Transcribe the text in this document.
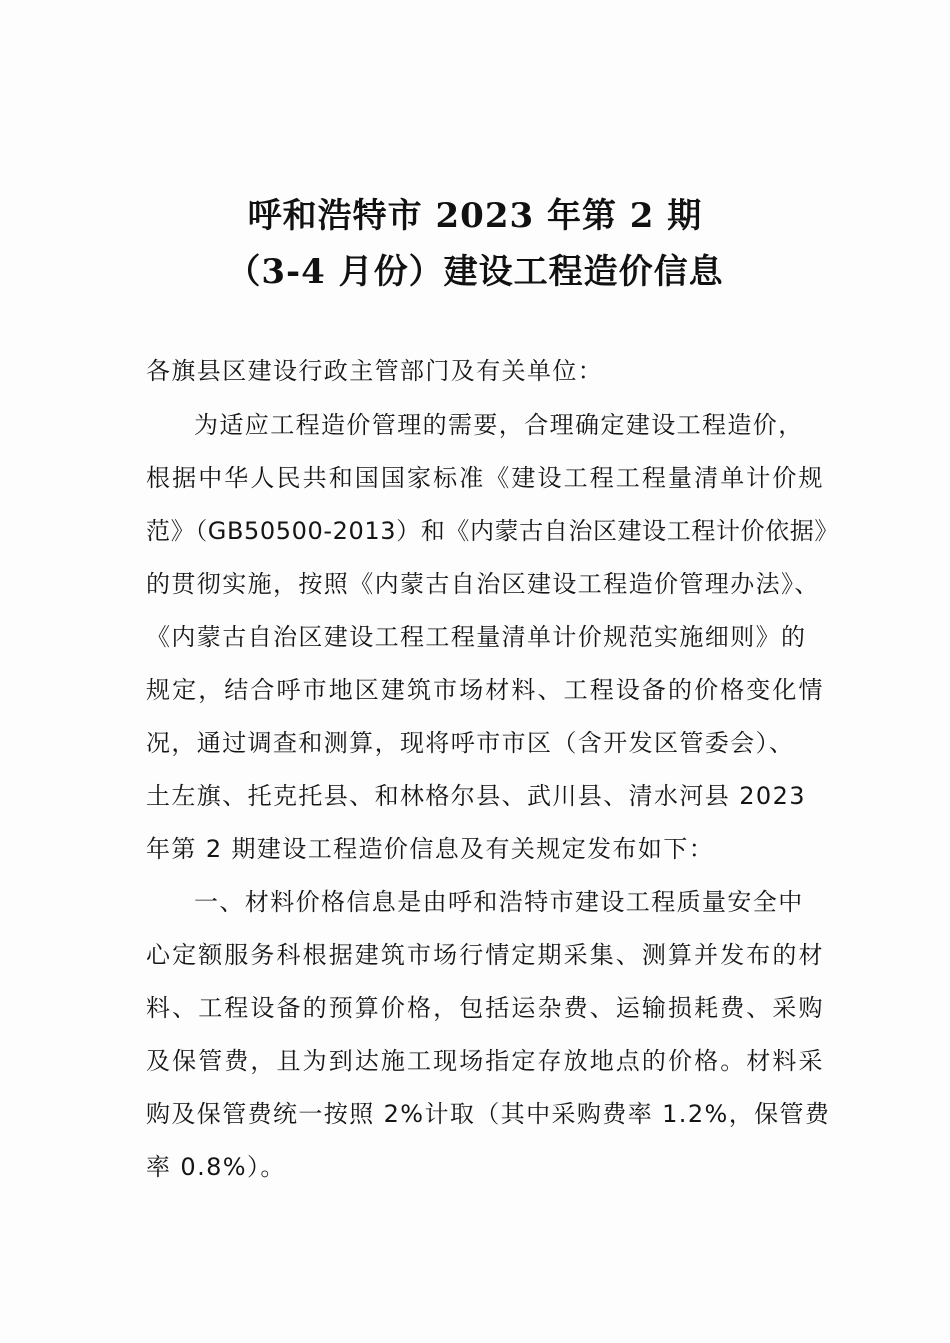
呼和浩特市 2023 年第 2 期
（3-4 月份）建设工程造价信息
各旗县区建设行政主管部门及有关单位：
为适应工程造价管理的需要，合理确定建设工程造价，
根据中华人民共和国国家标准《建设工程工程量清单计价规
范》（GB50500-2013）和《内蒙古自治区建设工程计价依据》
的贯彻实施，按照《内蒙古自治区建设工程造价管理办法》、
《内蒙古自治区建设工程工程量清单计价规范实施细则》的
规定，结合呼市地区建筑市场材料、工程设备的价格变化情
况，通过调查和测算，现将呼市市区（含开发区管委会）、
土左旗、托克托县、和林格尔县、武川县、清水河县 2023
年第 2 期建设工程造价信息及有关规定发布如下：
一、材料价格信息是由呼和浩特市建设工程质量安全中
心定额服务科根据建筑市场行情定期采集、测算并发布的材
料、工程设备的预算价格，包括运杂费、运输损耗费、采购
及保管费，且为到达施工现场指定存放地点的价格。材料采
购及保管费统一按照 2%计取（其中采购费率 1.2%，保管费
率 0.8%）。
